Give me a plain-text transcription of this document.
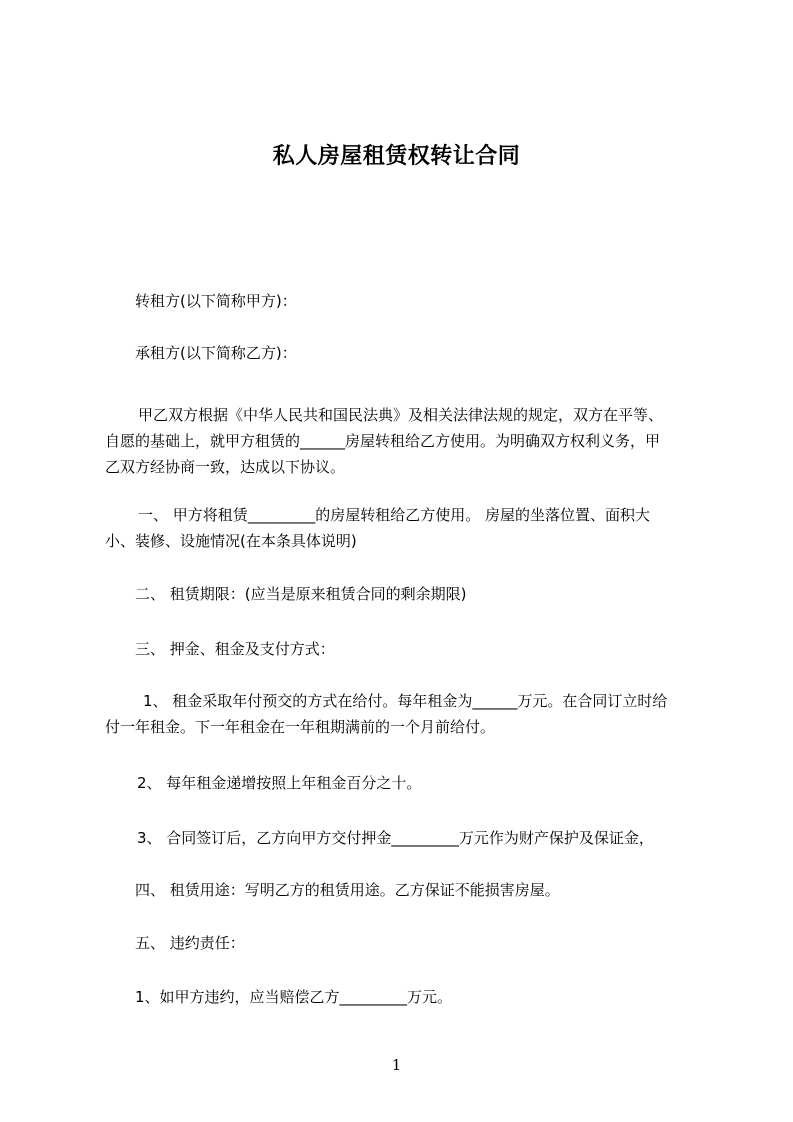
私人房屋租赁权转让合同
转租方(以下简称甲方)：
承租方(以下简称乙方)：
甲乙双方根据《中华人民共和国民法典》及相关法律法规的规定，双方在平等、
自愿的基础上，就甲方租赁的______房屋转租给乙方使用。为明确双方权利义务，甲
乙双方经协商一致，达成以下协议。
一、 甲方将租赁_________的房屋转租给乙方使用。 房屋的坐落位置、面积大
小、装修、设施情况(在本条具体说明)
二、 租赁期限：(应当是原来租赁合同的剩余期限)
三、 押金、租金及支付方式：
1、 租金采取年付预交的方式在给付。每年租金为______万元。在合同订立时给
付一年租金。下一年租金在一年租期满前的一个月前给付。
2、 每年租金递增按照上年租金百分之十。
3、 合同签订后，乙方向甲方交付押金_________万元作为财产保护及保证金，
四、 租赁用途：写明乙方的租赁用途。乙方保证不能损害房屋。
五、 违约责任：
1、如甲方违约，应当赔偿乙方_________万元。
1
